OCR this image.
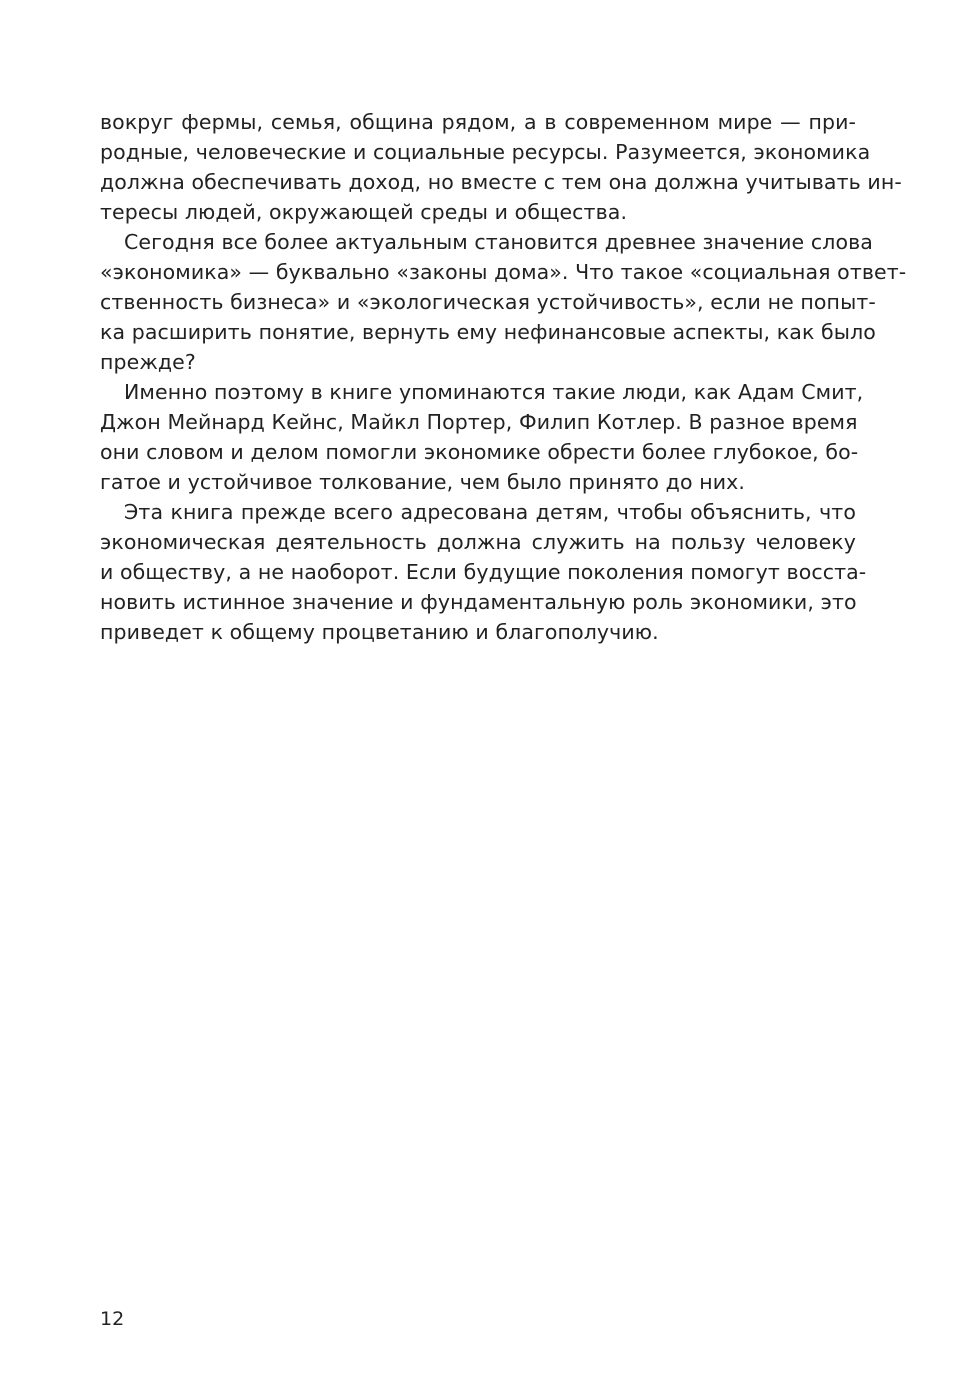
вокруг фермы, семья, община рядом, а в современном мире — при-
родные, человеческие и социальные ресурсы. Разумеется, экономика
должна обеспечивать доход, но вместе с тем она должна учитывать ин-
тересы людей, окружающей среды и общества.
Сегодня все более актуальным становится древнее значение слова
«экономика» — буквально «законы дома». Что такое «социальная ответ-
ственность бизнеса» и «экологическая устойчивость», если не попыт-
ка расширить понятие, вернуть ему нефинансовые аспекты, как было
прежде?
Именно поэтому в книге упоминаются такие люди, как Адам Смит,
Джон Мейнард Кейнс, Майкл Портер, Филип Котлер. В разное время
они словом и делом помогли экономике обрести более глубокое, бо-
гатое и устойчивое толкование, чем было принято до них.
Эта книга прежде всего адресована детям, чтобы объяснить, что
экономическая деятельность должна служить на пользу человеку
и обществу, а не наоборот. Если будущие поколения помогут восста-
новить истинное значение и фундаментальную роль экономики, это
приведет к общему процветанию и благополучию.
12
